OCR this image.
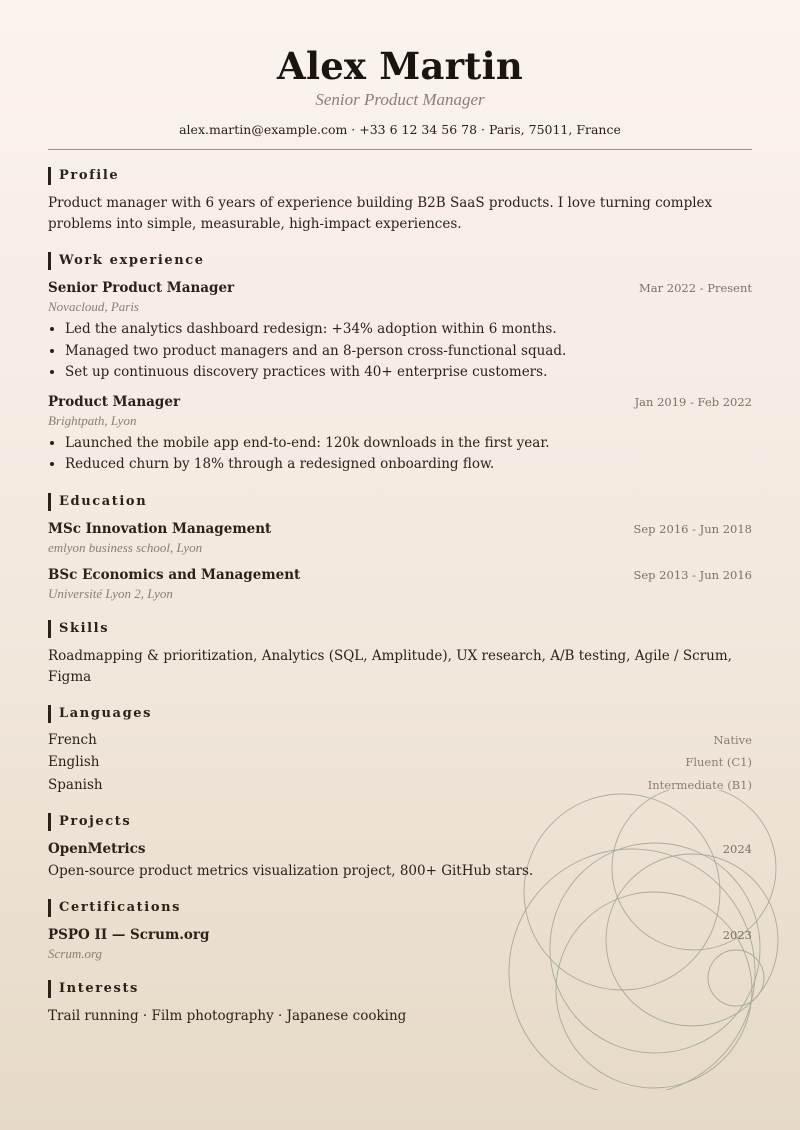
Alex Martin
Senior Product Manager
alex.martin@example.com · +33 6 12 34 56 78 · Paris, 75011, France
Profile
Product manager with 6 years of experience building B2B SaaS products. I love turning complex problems into simple, measurable, high-impact experiences.
Work experience
Senior Product Manager	Mar 2022 - Present
Novacloud, Paris
• Led the analytics dashboard redesign: +34% adoption within 6 months.
• Managed two product managers and an 8-person cross-functional squad.
• Set up continuous discovery practices with 40+ enterprise customers.
Product Manager	Jan 2019 - Feb 2022
Brightpath, Lyon
• Launched the mobile app end-to-end: 120k downloads in the first year.
• Reduced churn by 18% through a redesigned onboarding flow.
Education
MSc Innovation Management	Sep 2016 - Jun 2018
emlyon business school, Lyon
BSc Economics and Management	Sep 2013 - Jun 2016
Université Lyon 2, Lyon
Skills
Roadmapping & prioritization, Analytics (SQL, Amplitude), UX research, A/B testing, Agile / Scrum, Figma
Languages
French	Native
English	Fluent (C1)
Spanish	Intermediate (B1)
Projects
OpenMetrics	2024
Open-source product metrics visualization project, 800+ GitHub stars.
Certifications
PSPO II — Scrum.org	2023
Scrum.org
Interests
Trail running · Film photography · Japanese cooking
